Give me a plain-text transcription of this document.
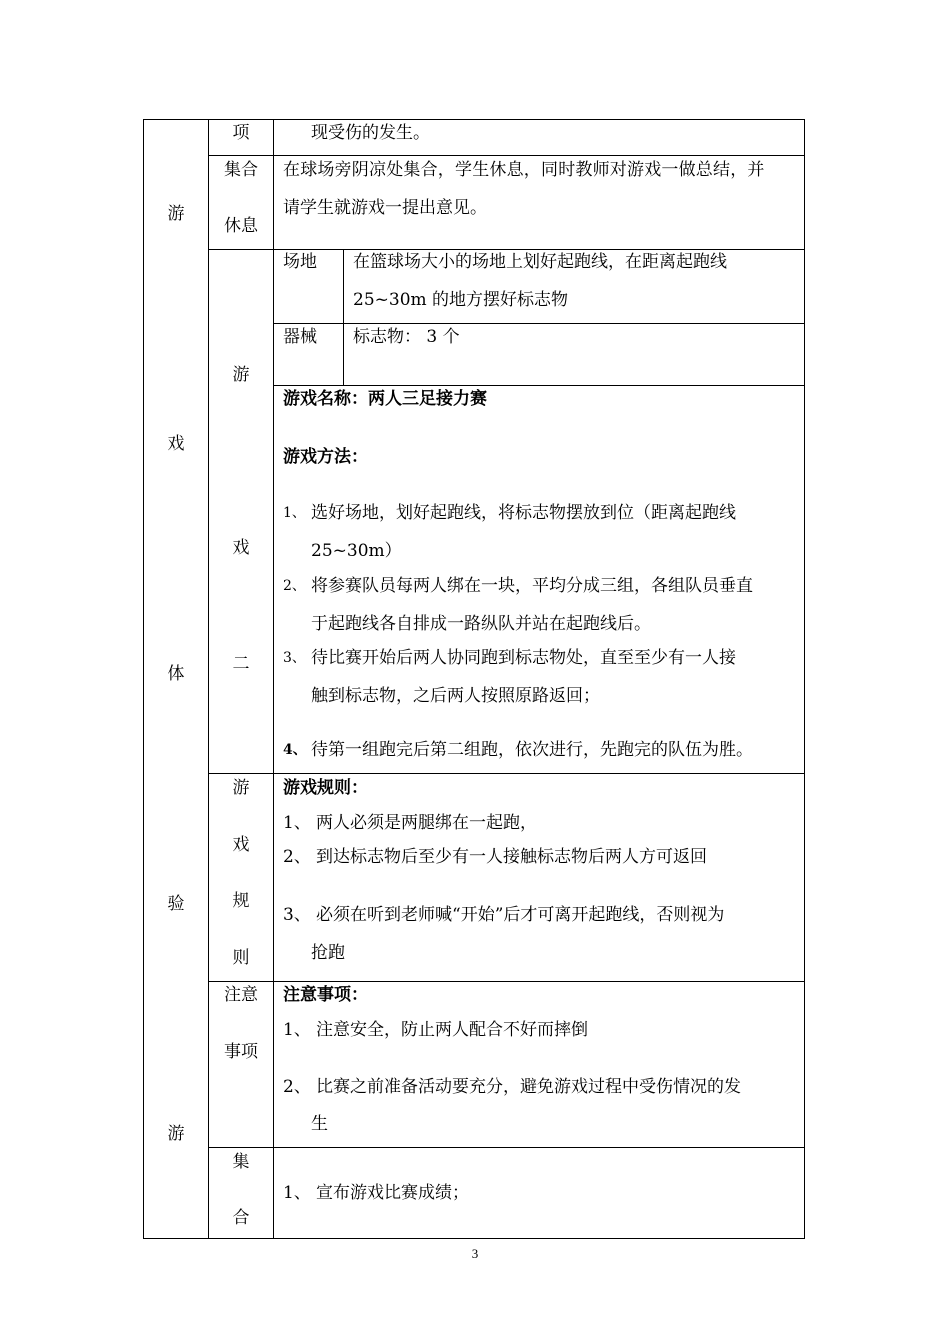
游
戏
体
验
游
项	现受伤的发生。
集合
休息
在球场旁阴凉处集合，学生休息，同时教师对游戏一做总结，并
请学生就游戏一提出意见。
游
戏
二
场地 在篮球场大小的场地上划好起跑线，在距离起跑线
25~30m 的地方摆好标志物
器械 标志物： 3 个
游戏名称：两人三足接力赛
游戏方法：
1、 选好场地，划好起跑线，将标志物摆放到位（距离起跑线
25~30m）
2、 将参赛队员每两人绑在一块，平均分成三组，各组队员垂直
于起跑线各自排成一路纵队并站在起跑线后。
3、 待比赛开始后两人协同跑到标志物处，直至至少有一人接
触到标志物，之后两人按照原路返回；
4、 待第一组跑完后第二组跑，依次进行，先跑完的队伍为胜。
游
戏
规
则
游戏规则：
1、 两人必须是两腿绑在一起跑，
2、 到达标志物后至少有一人接触标志物后两人方可返回
3、 必须在听到老师喊“开始”后才可离开起跑线，否则视为
抢跑
注意
事项
注意事项：
1、 注意安全，防止两人配合不好而摔倒
2、 比赛之前准备活动要充分，避免游戏过程中受伤情况的发
生
集
合
1、 宣布游戏比赛成绩；
3
